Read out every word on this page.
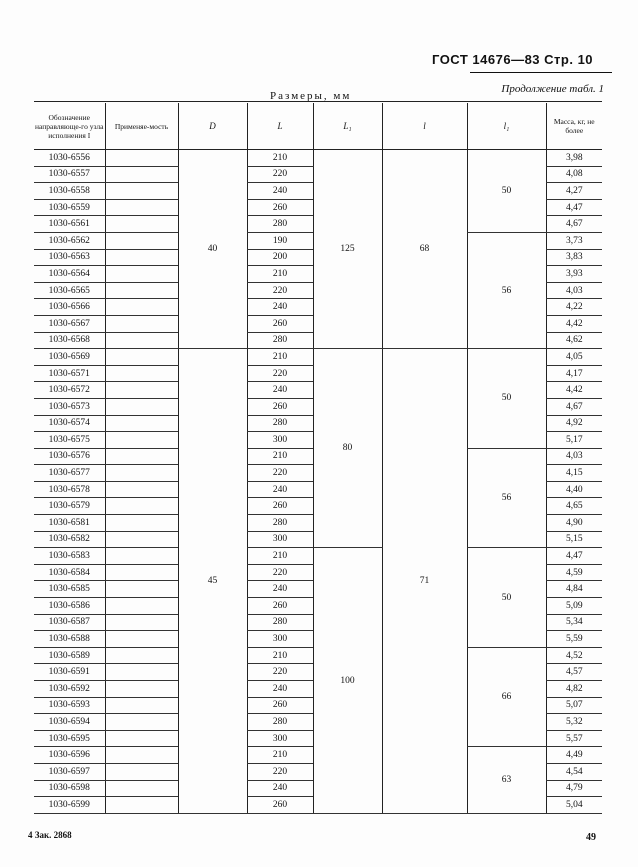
ГОСТ 14676—83 Стр. 10
Продолжение табл. 1
Размеры, мм
Обозначение направляюще-го узла исполнения I	Применяе-мость	D	L	L₁	l	l₁	Масса, кг, не более
1030-6556		40	210	125	68	50	3,98
1030-6557			220				4,08
1030-6558			240				4,27
1030-6559			260				4,47
1030-6561			280				4,67
1030-6562			190			56	3,73
1030-6563			200				3,83
1030-6564			210				3,93
1030-6565			220				4,03
1030-6566			240				4,22
1030-6567			260				4,42
1030-6568			280				4,62
1030-6569		45	210	80	71	50	4,05
1030-6571			220				4,17
1030-6572			240				4,42
1030-6573			260				4,67
1030-6574			280				4,92
1030-6575			300				5,17
1030-6576			210			56	4,03
1030-6577			220				4,15
1030-6578			240				4,40
1030-6579			260				4,65
1030-6581			280				4,90
1030-6582			300				5,15
1030-6583			210	100		50	4,47
1030-6584			220				4,59
1030-6585			240				4,84
1030-6586			260				5,09
1030-6587			280				5,34
1030-6588			300				5,59
1030-6589			210			66	4,52
1030-6591			220				4,57
1030-6592			240				4,82
1030-6593			260				5,07
1030-6594			280				5,32
1030-6595			300				5,57
1030-6596			210			63	4,49
1030-6597			220				4,54
1030-6598			240				4,79
1030-6599			260				5,04
4 Зак. 2868	49
